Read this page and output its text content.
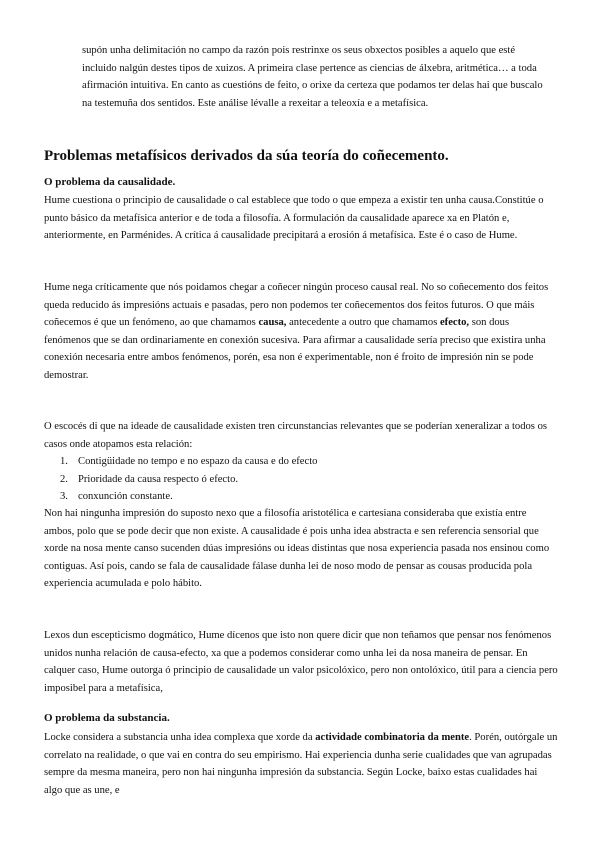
supón unha delimitación no campo da razón pois restrinxe os seus obxectos posibles a aquelo que esté incluido nalgún destes tipos de xuizos. A primeira clase pertence as ciencias de álxebra, aritmética… a toda afirmación intuitiva. En canto as cuestións de feito, o orixe da certeza que podamos ter delas hai que buscalo na testemuña dos sentidos. Este análise lévalle a rexeitar a teleoxía e a metafísica.

Problemas metafísicos derivados da súa teoría do coñecemento.
O problema da causalidade.

Hume cuestiona o principio de causalidade o cal establece que todo o que empeza a existir ten unha causa.Constitúe o punto básico da metafísica anterior e de toda a filosofía. A formulación da causalidade aparece xa en Platón e, anteriormente, en Parménides. A crítica á causalidade precipitará a erosión á metafísica. Este é o caso de Hume.

Hume nega críticamente que nós poidamos chegar a coñecer ningún proceso causal real. No so coñecemento dos feitos queda reducido ás impresións actuais e pasadas, pero non podemos ter coñecementos dos feitos futuros. O que máis coñecemos é que un fenómeno, ao que chamamos causa, antecedente a outro que chamamos efecto, son dous fenómenos que se dan ordinariamente en conexión sucesiva. Para afirmar a causalidade sería preciso que existira unha conexión necesaria entre ambos fenómenos, porén, esa non é experimentable, non é froito de impresión nin se pode demostrar.

O escocés di que na ideade de causalidade existen tren circunstancias relevantes que se poderían xeneralizar a todos os casos onde atopamos esta relación:

1. Contigüidade no tempo e no espazo da causa e do efecto
2. Prioridade da causa respecto ó efecto.
3. conxunción constante.

Non hai ningunha impresión do suposto nexo que a filosofía aristotélica e cartesiana consideraba que existía entre ambos, polo que se pode decir que non existe. A causalidade é pois unha idea abstracta e sen referencia sensorial que xorde na nosa mente canso sucenden dúas impresións ou ideas distintas que nosa experiencia pasada nos ensinou como contiguas. Así pois, cando se fala de causalidade fálase dunha lei de noso modo de pensar as cousas producida pola experiencia acumulada e polo hábito.

Lexos dun escepticismo dogmático, Hume dícenos que isto non quere dicir que non teñamos que pensar nos fenómenos unidos nunha relación de causa-efecto, xa que a podemos considerar como unha lei da nosa maneira de pensar. En calquer caso, Hume outorga ó principio de causalidade un valor psicolóxico, pero non ontolóxico, útil para a ciencia pero imposibel para a metafísica,

O problema da substancia.

Locke considera a substancia unha idea complexa que xorde da actividade combinatoria da mente. Porén, outórgale un correlato na realidade, o que vai en contra do seu empirismo. Hai experiencia dunha serie cualidades que van agrupadas sempre da mesma maneira, pero non hai ningunha impresión da substancia. Según Locke, baixo estas cualidades hai algo que as une, e
